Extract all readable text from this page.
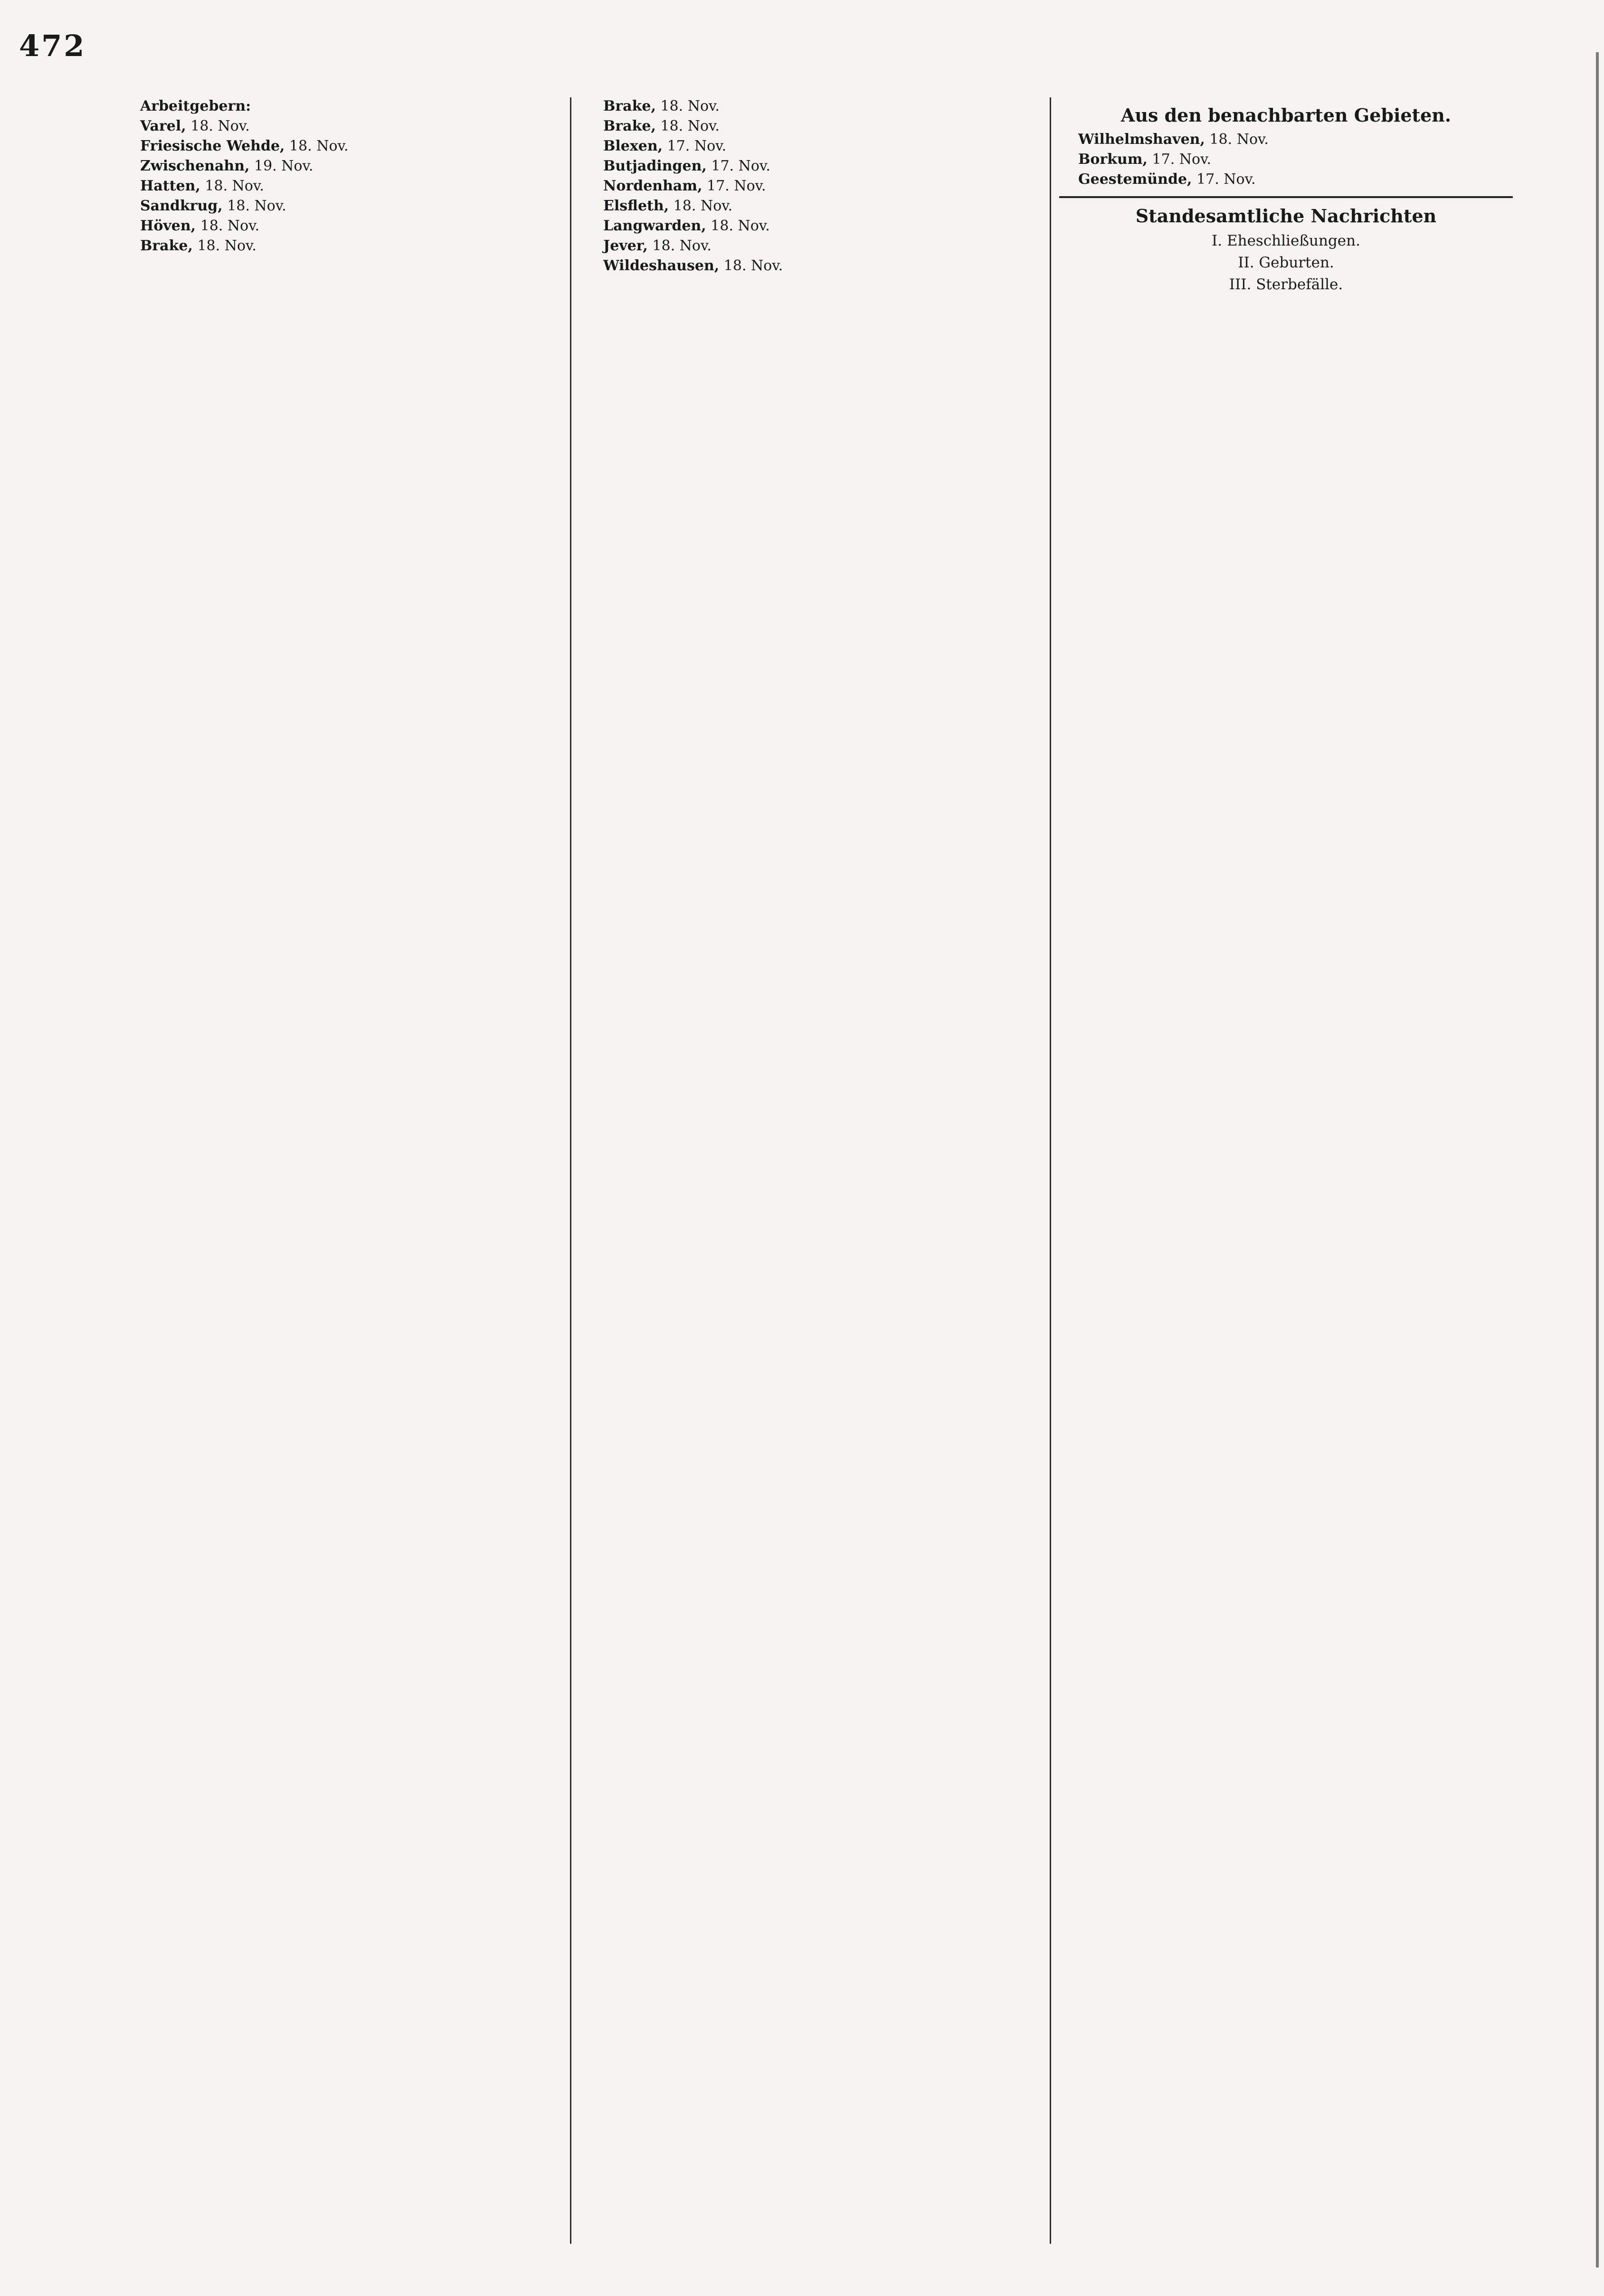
472

Arbeitgebern:

Varel, 18. Nov.

Friesische Wehde, 18. Nov.

Zwischenahn, 19. Nov.

Hatten, 18. Nov.

Sandkrug, 18. Nov.

Höven, 18. Nov.

Brake, 18. Nov.

Brake, 18. Nov.

Brake, 18. Nov.

Blexen, 17. Nov.

Butjadingen, 17. Nov.

Nordenham, 17. Nov.

Elsfleth, 18. Nov.

Langwarden, 18. Nov.

Jever, 18. Nov.

Wildeshausen, 18. Nov.

Aus den benachbarten Gebieten.

Wilhelmshaven, 18. Nov.

Borkum, 17. Nov.

Geestemünde, 17. Nov.

Standesamtliche Nachrichten
I. Eheschließungen.

II. Geburten.

III. Sterbefälle.
